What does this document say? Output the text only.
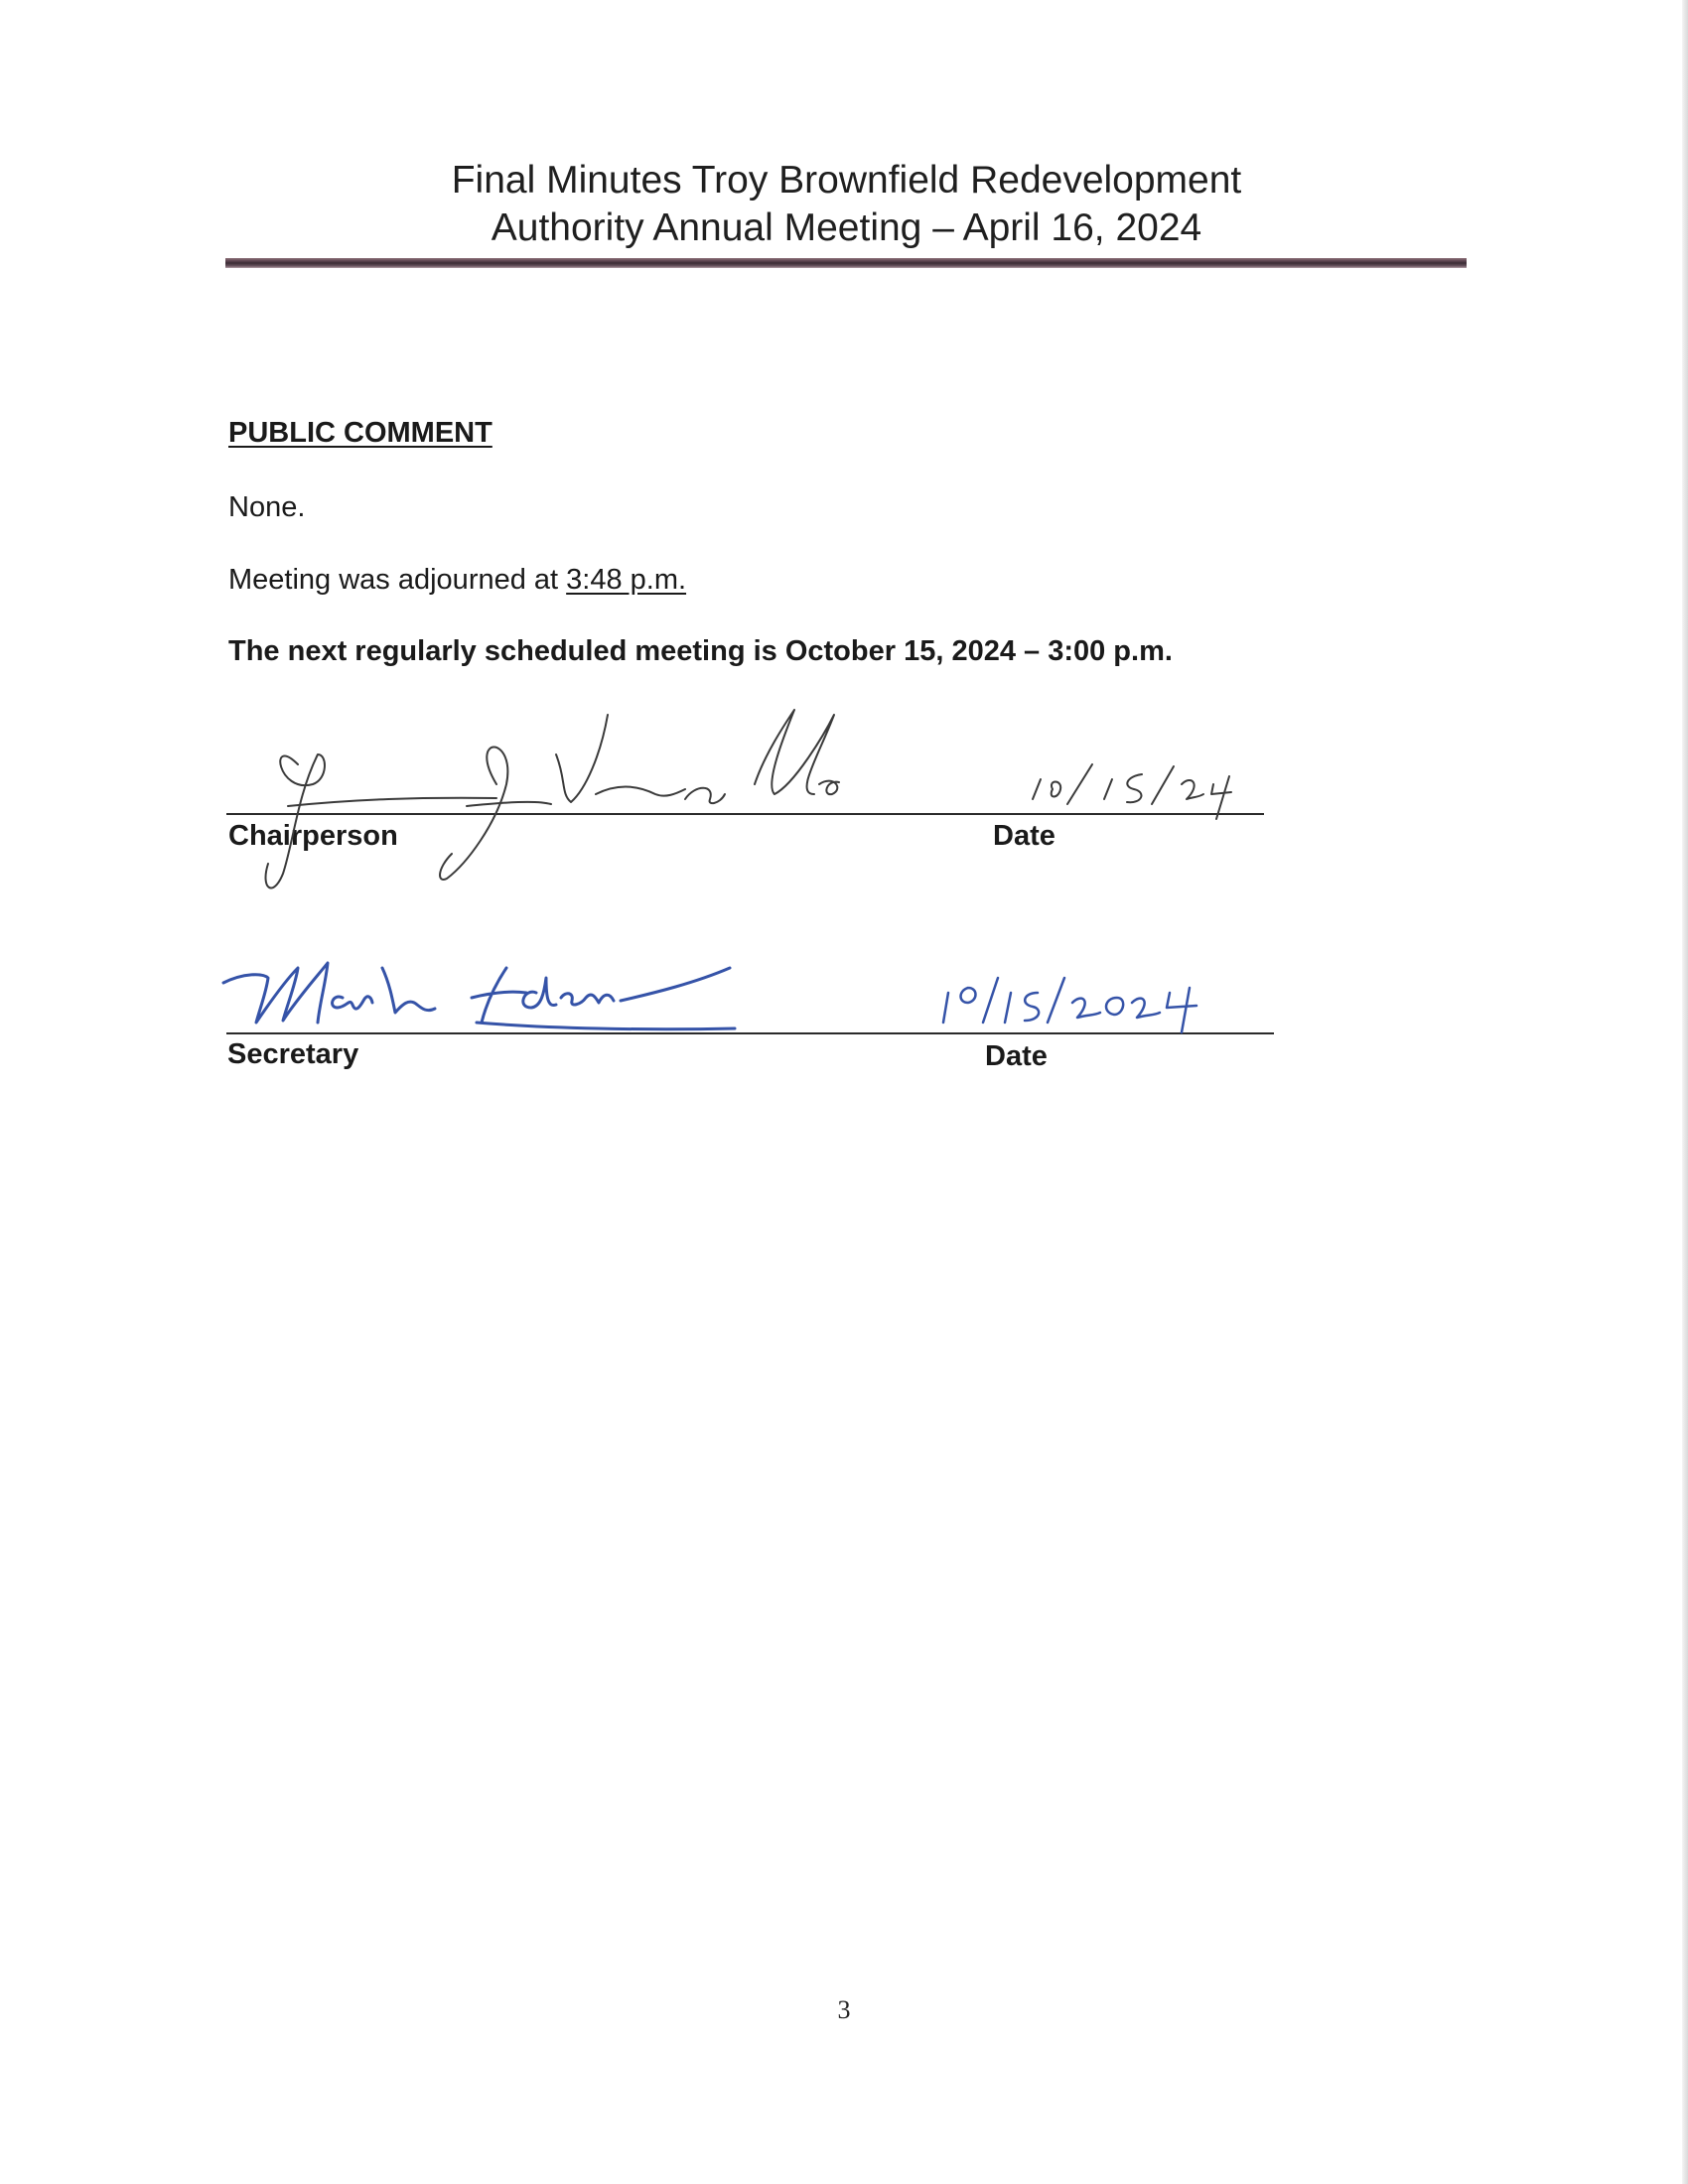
Final Minutes Troy Brownfield Redevelopment
Authority Annual Meeting – April 16, 2024
PUBLIC COMMENT

None.

Meeting was adjourned at 3:48 p.m.

The next regularly scheduled meeting is October 15, 2024 – 3:00 p.m.

Chairperson	Date

Secretary	Date

3
